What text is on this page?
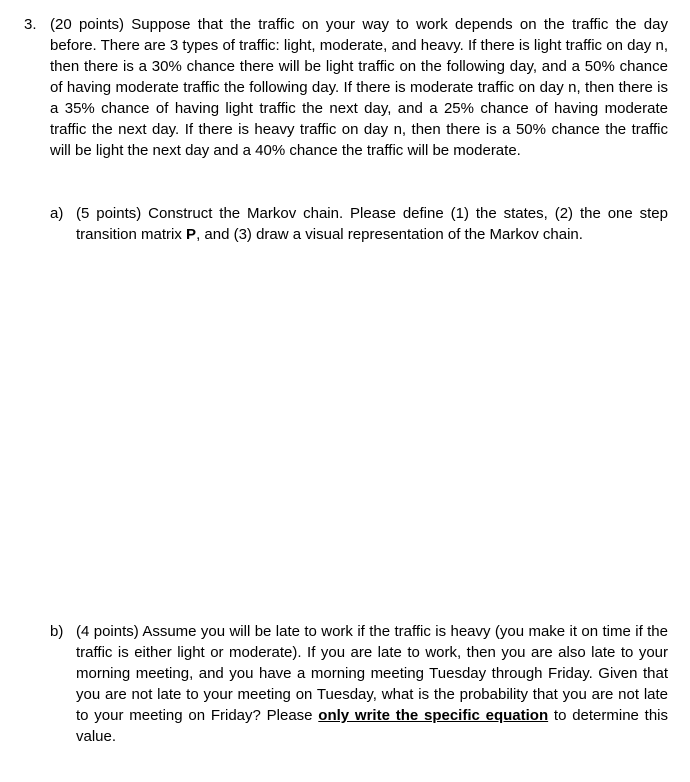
3. (20 points) Suppose that the traffic on your way to work depends on the traffic the day before. There are 3 types of traffic: light, moderate, and heavy. If there is light traffic on day n, then there is a 30% chance there will be light traffic on the following day, and a 50% chance of having moderate traffic the following day. If there is moderate traffic on day n, then there is a 35% chance of having light traffic the next day, and a 25% chance of having moderate traffic the next day. If there is heavy traffic on day n, then there is a 50% chance the traffic will be light the next day and a 40% chance the traffic will be moderate.
a) (5 points) Construct the Markov chain. Please define (1) the states, (2) the one step transition matrix P, and (3) draw a visual representation of the Markov chain.
b) (4 points) Assume you will be late to work if the traffic is heavy (you make it on time if the traffic is either light or moderate). If you are late to work, then you are also late to your morning meeting, and you have a morning meeting Tuesday through Friday. Given that you are not late to your meeting on Tuesday, what is the probability that you are not late to your meeting on Friday? Please only write the specific equation to determine this value.
